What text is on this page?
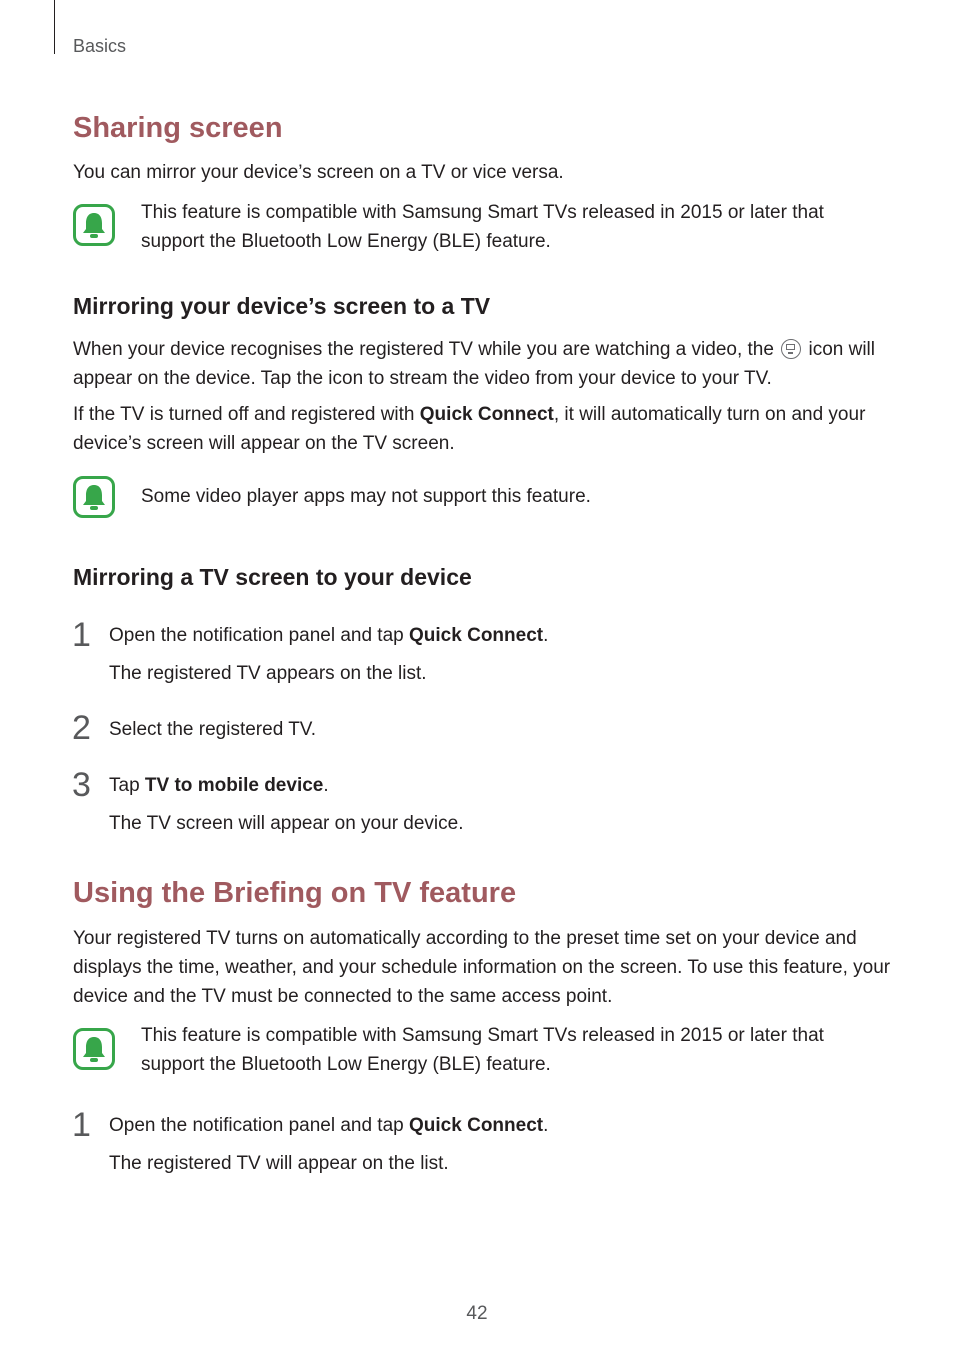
Basics
Sharing screen

You can mirror your device’s screen on a TV or vice versa.

This feature is compatible with Samsung Smart TVs released in 2015 or later that support the Bluetooth Low Energy (BLE) feature.

Mirroring your device’s screen to a TV

When your device recognises the registered TV while you are watching a video, the icon will appear on the device. Tap the icon to stream the video from your device to your TV.

If the TV is turned off and registered with Quick Connect, it will automatically turn on and your device’s screen will appear on the TV screen.

Some video player apps may not support this feature.

Mirroring a TV screen to your device
1 Open the notification panel and tap Quick Connect.

The registered TV appears on the list.

2 Select the registered TV.

3 Tap TV to mobile device.

The TV screen will appear on your device.

Using the Briefing on TV feature

Your registered TV turns on automatically according to the preset time set on your device and displays the time, weather, and your schedule information on the screen. To use this feature, your device and the TV must be connected to the same access point.

This feature is compatible with Samsung Smart TVs released in 2015 or later that support the Bluetooth Low Energy (BLE) feature.

1 Open the notification panel and tap Quick Connect.

The registered TV will appear on the list.

42
